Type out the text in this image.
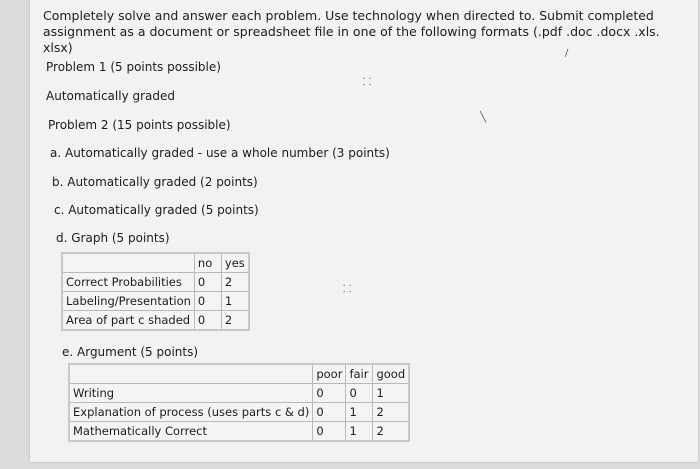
Completely solve and answer each problem. Use technology when directed to. Submit completed assignment as a document or spreadsheet file in one of the following formats (.pdf .doc .docx .xls. xlsx)
Problem 1 (5 points possible)
Automatically graded
Problem 2 (15 points possible)
a. Automatically graded - use a whole number (3 points)
b. Automatically graded (2 points)
c. Automatically graded (5 points)
d. Graph (5 points)
	no	yes
Correct Probabilities	0	2
Labeling/Presentation	0	1
Area of part c shaded	0	2
e. Argument (5 points)
	poor	fair	good
Writing	0	0	1
Explanation of process (uses parts c & d)	0	1	2
Mathematically Correct	0	1	2
⸬
╲
⸬
∕
